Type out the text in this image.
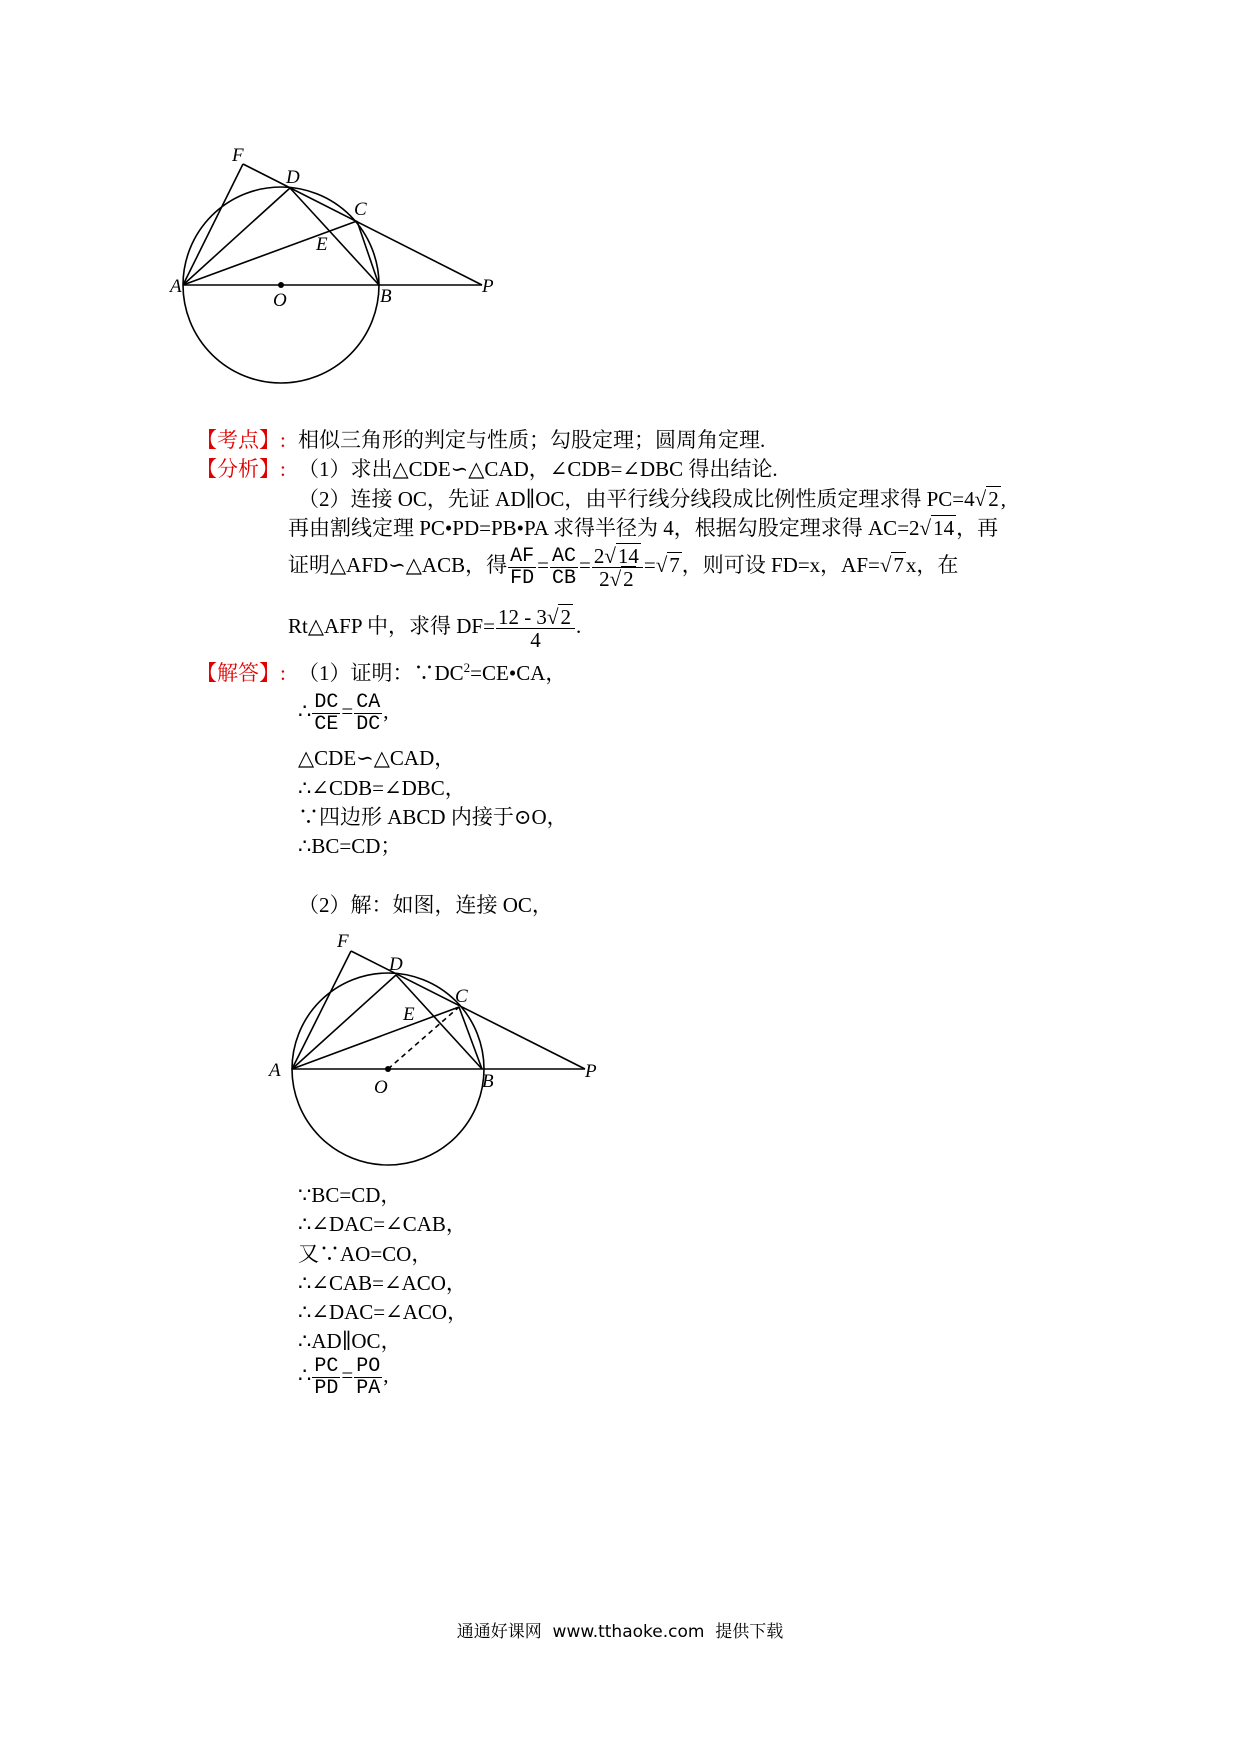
F
D
C
E
A
O	B	P
【考点】: 相似三角形的判定与性质；勾股定理；圆周角定理.
【分析】: （1）求出△CDE∽△CAD，∠CDB=∠DBC 得出结论.
（2）连接 OC，先证 AD∥OC，由平行线分线段成比例性质定理求得 PC=4√2,
再由割线定理 PC•PD=PB•PA 求得半径为 4，根据勾股定理求得 AC=2√14，再
证明△AFD∽△ACB，得 $\frac{AF}{FD} = \frac{AC}{CB} = \frac{2√14}{2√2} =√7$，则可设 FD=x，AF=√7x，在
Rt△AFP 中，求得 $DF= \frac{12 - 3√2}{4}$ .
【解答】: （1）证明：$\because DC^2=CE•CA$，
∴ $\frac{DC}{CE} = \frac{CA}{DC}$ ,
△CDE∽△CAD，
∴∠CDB=∠DBC，
∵四边形 ABCD 内接于⊙O，
∴BC=CD；
（2）解：如图，连接 OC，
F
D
C
E
A
O	B	P
∵BC=CD，
∴∠DAC=∠CAB，
又∵AO=CO，
∴∠CAB=∠ACO，
∴∠DAC=∠ACO，
∴AD∥OC，
∴ $\frac{PC}{PD} = \frac{PO}{PA}$ ,
通通好课网  www.tthaoke.com  提供下载
